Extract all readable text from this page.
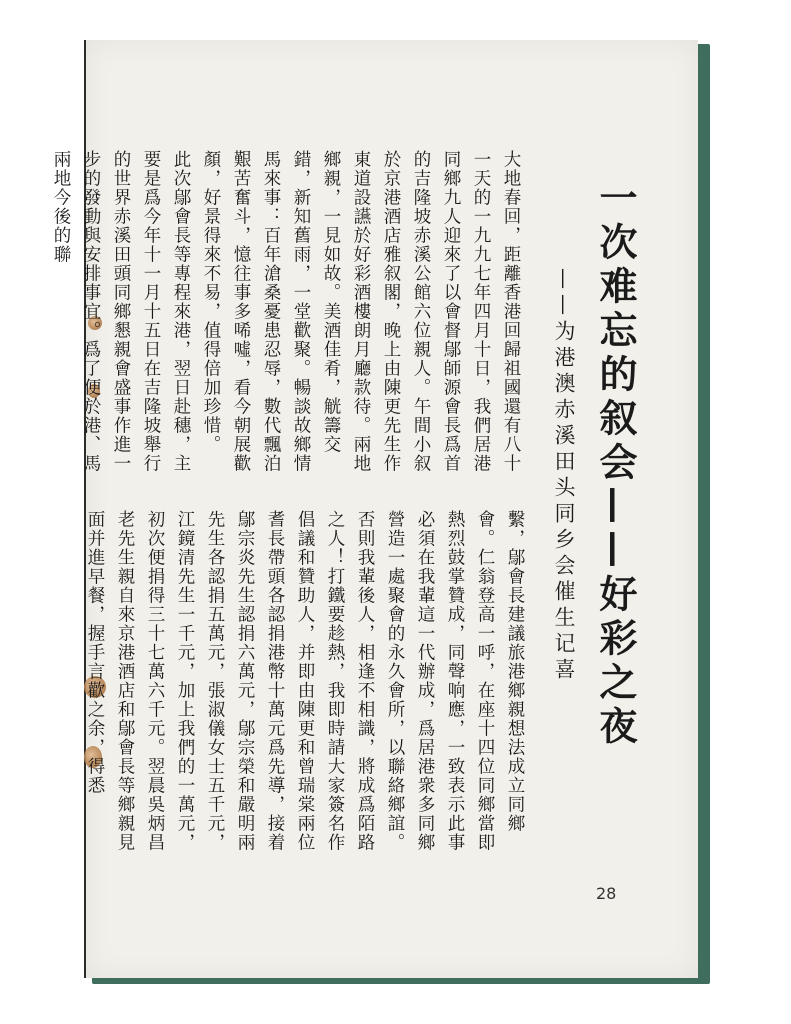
一次难忘的叙会——好彩之夜
——为港澳赤溪田头同乡会催生记喜
大地春回，距離香港回歸祖國還有八十一天的一九九七年四月十日，我們居港同鄉九人迎來了以會督鄔師源會長爲首的吉隆坡赤溪公館六位親人。午間小叙於京港酒店雅叙閣，晚上由陳更先生作東道設讌於好彩酒樓朗月廳款待。兩地鄉親，一見如故。美酒佳肴，觥籌交錯，新知舊雨，一堂歡聚。暢談故鄉情馬來事：百年滄桑憂患忍辱，數代飄泊艱苦奮斗，憶往事多唏噓，看今朝展歡顏，好景得來不易，值得倍加珍惜。
此次鄔會長等專程來港，翌日赴穗，主要是爲今年十一月十五日在吉隆坡舉行的世界赤溪田頭同鄉懇親會盛事作進一步的發動與安排事宜。爲了便於港、馬兩地今後的聯
繫，鄔會長建議旅港鄉親想法成立同鄉會。仁翁登高一呼，在座十四位同鄉當即熱烈鼓掌贊成，同聲响應，一致表示此事必須在我輩這一代辦成，爲居港衆多同鄉營造一處聚會的永久會所，以聯絡鄉誼。否則我輩後人，相逢不相識，將成爲陌路之人！打鐵要趁熱，我即時請大家簽名作倡議和贊助人，并即由陳更和曾瑞棠兩位耆長帶頭各認捐港幣十萬元爲先導，接着鄔宗炎先生認捐六萬元，鄔宗榮和嚴明兩先生各認捐五萬元，張淑儀女士五千元，江鏡清先生一千元，加上我們的一萬元，初次便捐得三十七萬六千元。翌晨吳炳昌老先生親自來京港酒店和鄔會長等鄉親見面并進早餐，握手言歡之余，得悉
28
